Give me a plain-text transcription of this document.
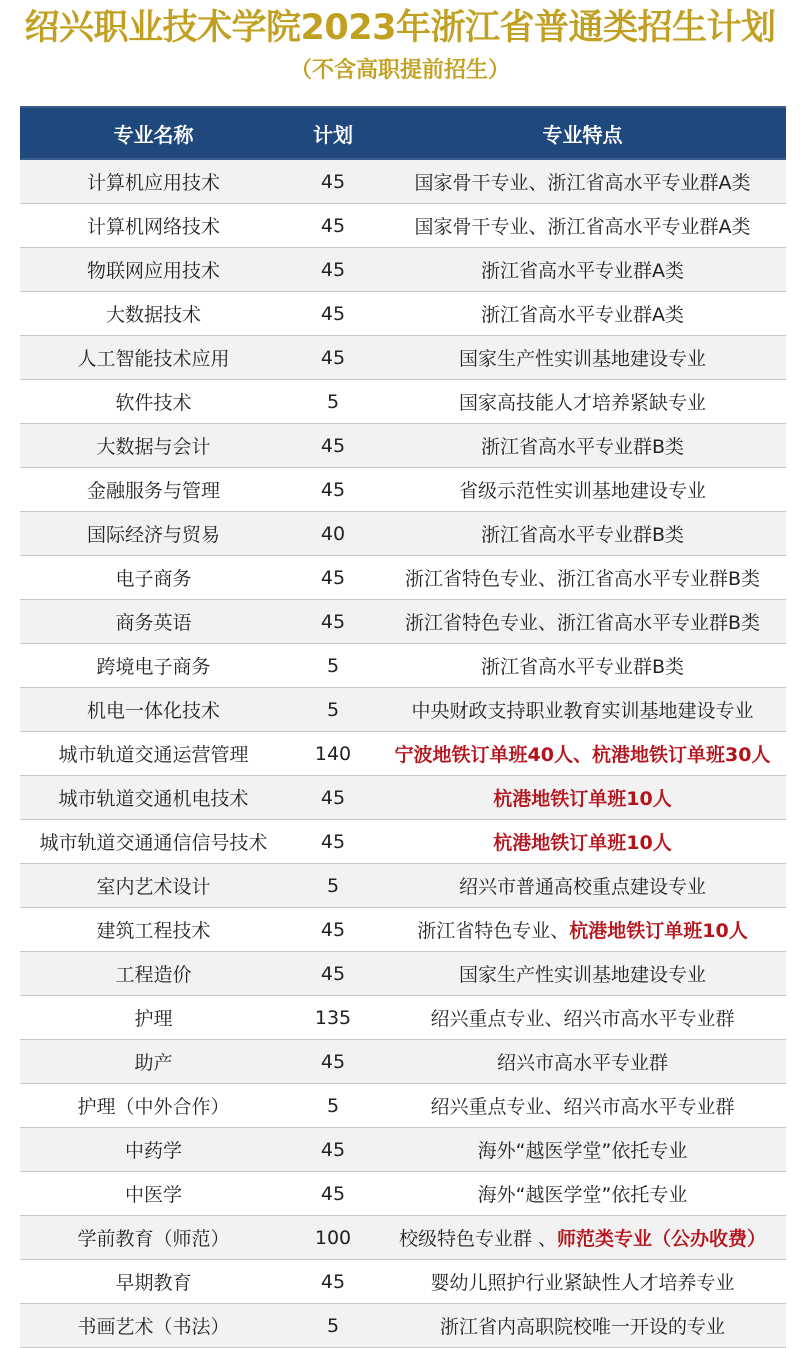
绍兴职业技术学院2023年浙江省普通类招生计划
（不含高职提前招生）
专业名称	计划	专业特点
计算机应用技术	45	国家骨干专业、浙江省高水平专业群A类
计算机网络技术	45	国家骨干专业、浙江省高水平专业群A类
物联网应用技术	45	浙江省高水平专业群A类
大数据技术	45	浙江省高水平专业群A类
人工智能技术应用	45	国家生产性实训基地建设专业
软件技术	5	国家高技能人才培养紧缺专业
大数据与会计	45	浙江省高水平专业群B类
金融服务与管理	45	省级示范性实训基地建设专业
国际经济与贸易	40	浙江省高水平专业群B类
电子商务	45	浙江省特色专业、浙江省高水平专业群B类
商务英语	45	浙江省特色专业、浙江省高水平专业群B类
跨境电子商务	5	浙江省高水平专业群B类
机电一体化技术	5	中央财政支持职业教育实训基地建设专业
城市轨道交通运营管理	140	宁波地铁订单班40人、杭港地铁订单班30人
城市轨道交通机电技术	45	杭港地铁订单班10人
城市轨道交通通信信号技术	45	杭港地铁订单班10人
室内艺术设计	5	绍兴市普通高校重点建设专业
建筑工程技术	45	浙江省特色专业、杭港地铁订单班10人
工程造价	45	国家生产性实训基地建设专业
护理	135	绍兴重点专业、绍兴市高水平专业群
助产	45	绍兴市高水平专业群
护理（中外合作）	5	绍兴重点专业、绍兴市高水平专业群
中药学	45	海外“越医学堂”依托专业
中医学	45	海外“越医学堂”依托专业
学前教育（师范）	100	校级特色专业群 、师范类专业（公办收费）
早期教育	45	婴幼儿照护行业紧缺性人才培养专业
书画艺术（书法）	5	浙江省内高职院校唯一开设的专业
